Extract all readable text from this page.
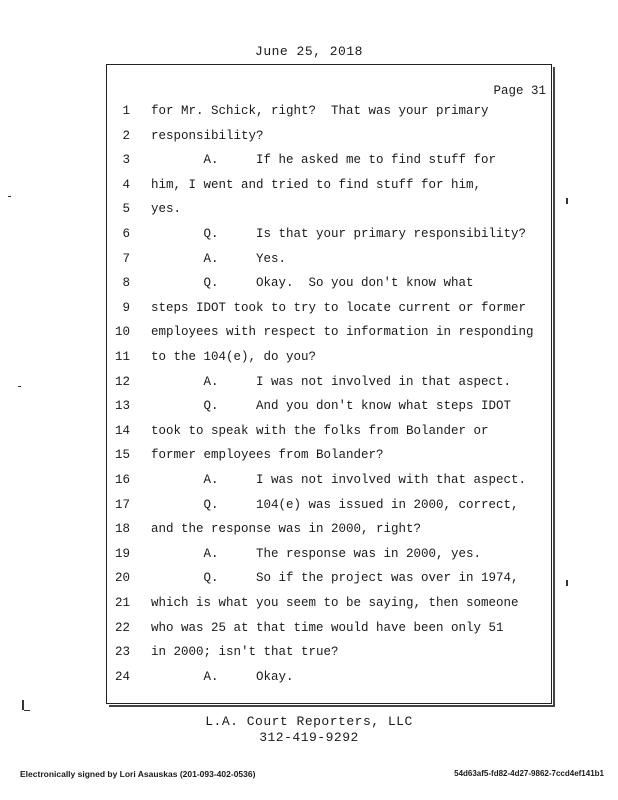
June 25, 2018
Page 31
1 for Mr. Schick, right?  That was your primary
2 responsibility?
3 A.     If he asked me to find stuff for
4 him, I went and tried to find stuff for him,
5 yes.
6 Q.     Is that your primary responsibility?
7 A.     Yes.
8 Q.     Okay.  So you don't know what
9 steps IDOT took to try to locate current or former
10 employees with respect to information in responding
11 to the 104(e), do you?
12 A.     I was not involved in that aspect.
13 Q.     And you don't know what steps IDOT
14 took to speak with the folks from Bolander or
15 former employees from Bolander?
16 A.     I was not involved with that aspect.
17 Q.     104(e) was issued in 2000, correct,
18 and the response was in 2000, right?
19 A.     The response was in 2000, yes.
20 Q.     So if the project was over in 1974,
21 which is what you seem to be saying, then someone
22 who was 25 at that time would have been only 51
23 in 2000; isn't that true?
24 A.     Okay.
L.A. Court Reporters, LLC
312-419-9292
Electronically signed by Lori Asauskas (201-093-402-0536)	54d63af5-fd82-4d27-9862-7ccd4ef141b1
